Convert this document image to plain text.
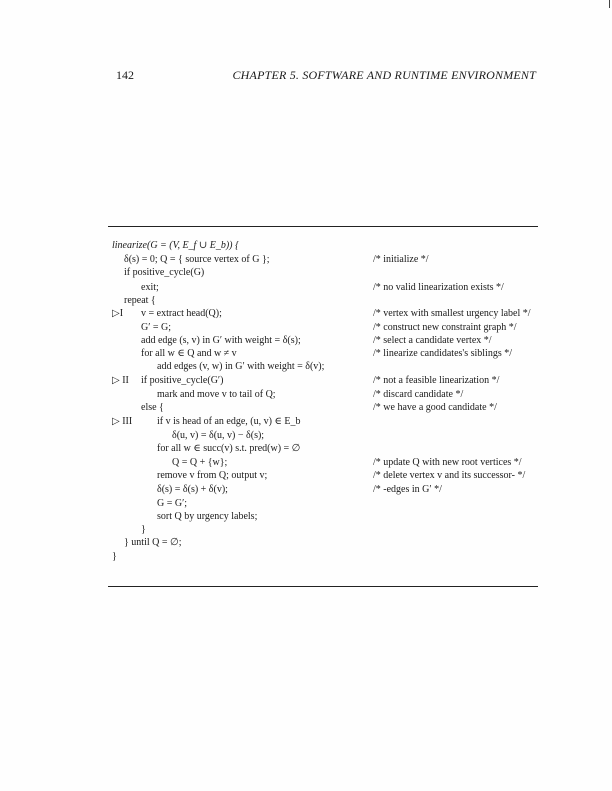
142	CHAPTER 5. SOFTWARE AND RUNTIME ENVIRONMENT
linearize(G = (V, E_f ∪ E_b)) {
δ(s) = 0; Q = { source vertex of G };	/* initialize */
if positive_cycle(G)
exit;	/* no valid linearization exists */
repeat {
▷I v = extract head(Q);	/* vertex with smallest urgency label */
G′ = G;	/* construct new constraint graph */
add edge (s, v) in G′ with weight = δ(s);	/* select a candidate vertex */
for all w ∈ Q and w ≠ v	/* linearize candidates's siblings */
add edges (v, w) in G′ with weight = δ(v);
▷ II if positive_cycle(G′)	/* not a feasible linearization */
mark and move v to tail of Q;	/* discard candidate */
else {	/* we have a good candidate */
▷ III if v is head of an edge, (u, v) ∈ E_b
δ(u, v) = δ(u, v) − δ(s);
for all w ∈ succ(v) s.t. pred(w) = ∅
Q = Q + {w};	/* update Q with new root vertices */
remove v from Q; output v;	/* delete vertex v and its successor- */
δ(s) = δ(s) + δ(v);	/* -edges in G′ */
G = G′;
sort Q by urgency labels;
}
} until Q = ∅;
}
